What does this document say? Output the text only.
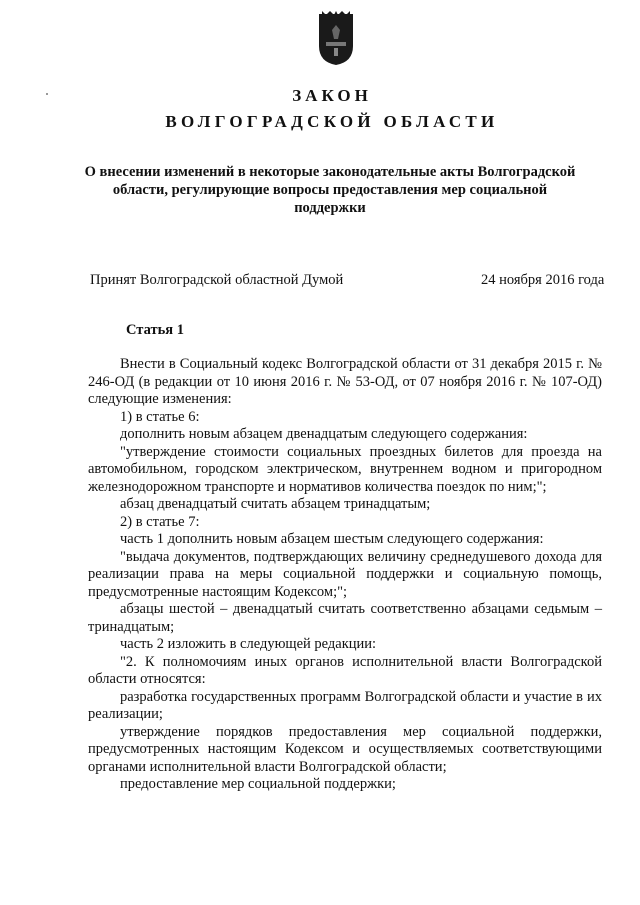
ЗАКОН
ВОЛГОГРАДСКОЙ ОБЛАСТИ
О внесении изменений в некоторые законодательные акты Волгоградской области, регулирующие вопросы предоставления мер социальной поддержки
Принят Волгоградской областной Думой	24 ноября 2016 года
Статья 1

Внести в Социальный кодекс Волгоградской области от 31 декабря 2015 г. № 246-ОД (в редакции от 10 июня 2016 г. № 53-ОД, от 07 ноября 2016 г. № 107-ОД) следующие изменения:

1) в статье 6:

дополнить новым абзацем двенадцатым следующего содержания:

"утверждение стоимости социальных проездных билетов для проезда на автомобильном, городском электрическом, внутреннем водном и пригородном железнодорожном транспорте и нормативов количества поездок по ним;";

абзац двенадцатый считать абзацем тринадцатым;

2) в статье 7:

часть 1 дополнить новым абзацем шестым следующего содержания:

"выдача документов, подтверждающих величину среднедушевого дохода для реализации права на меры социальной поддержки и социальную помощь, предусмотренные настоящим Кодексом;";

абзацы шестой – двенадцатый считать соответственно абзацами седьмым – тринадцатым;

часть 2 изложить в следующей редакции:

"2. К полномочиям иных органов исполнительной власти Волгоградской области относятся:

разработка государственных программ Волгоградской области и участие в их реализации;

утверждение порядков предоставления мер социальной поддержки, предусмотренных настоящим Кодексом и осуществляемых соответствующими органами исполнительной власти Волгоградской области;

предоставление мер социальной поддержки;
